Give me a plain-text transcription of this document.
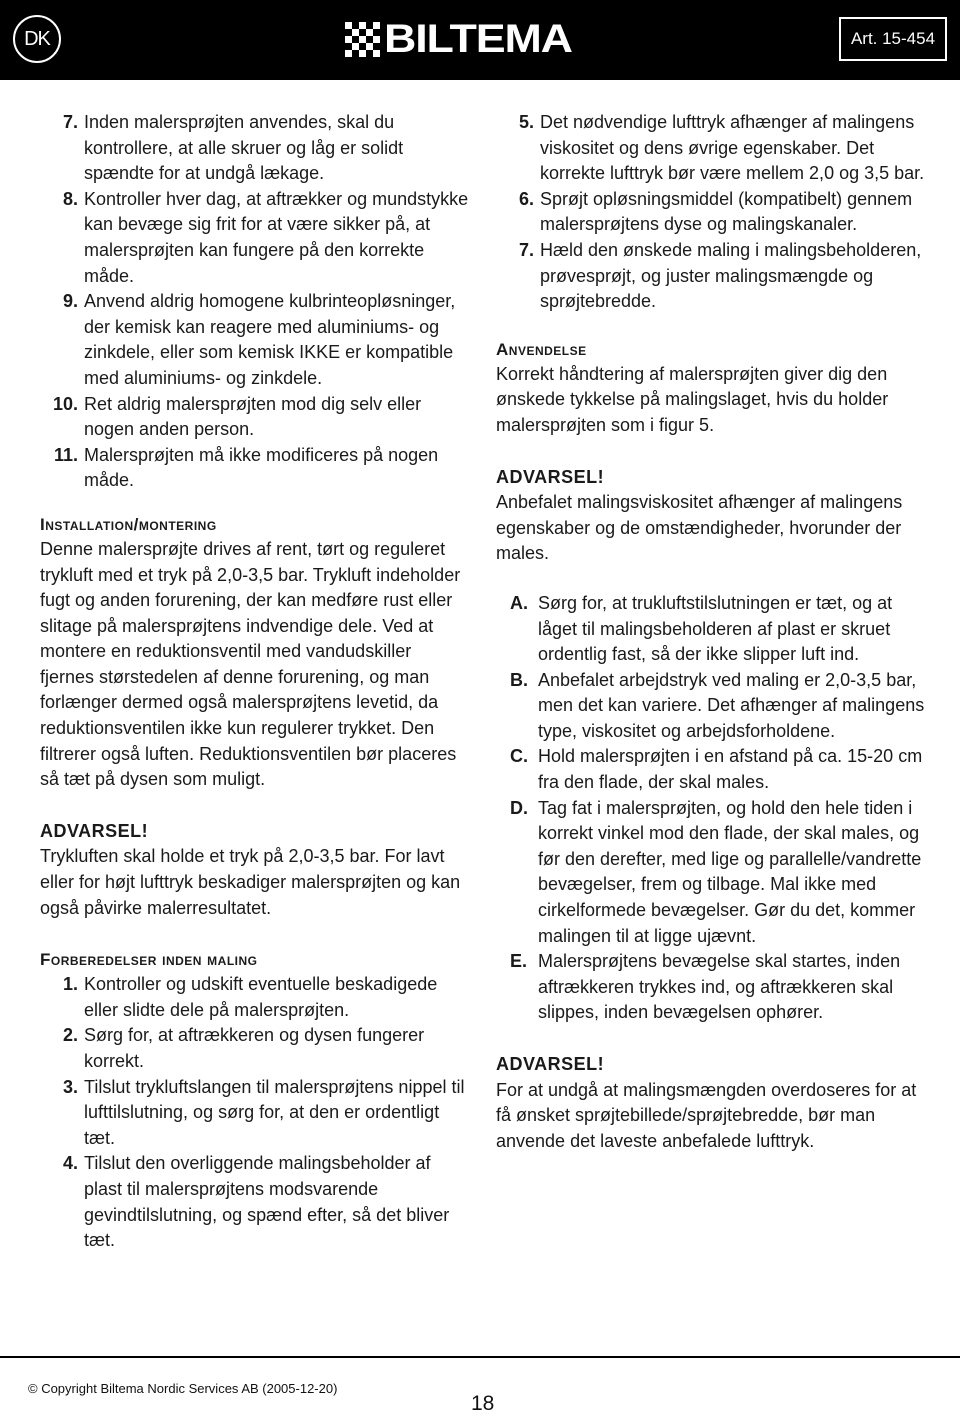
DK	BILTEMA	Art. 15-454
7. Inden malersprøjten anvendes, skal du kontrollere, at alle skruer og låg er solidt spændte for at undgå lækage.
8. Kontroller hver dag, at aftrækker og mundstykke kan bevæge sig frit for at være sikker på, at malersprøjten kan fungere på den korrekte måde.
9. Anvend aldrig homogene kulbrinteopløsninger, der kemisk kan reagere med aluminiums- og zinkdele, eller som kemisk IKKE er kompatible med aluminiums- og zinkdele.
10. Ret aldrig malersprøjten mod dig selv eller nogen anden person.
11. Malersprøjten må ikke modificeres på nogen måde.
Installation/montering

Denne malersprøjte drives af rent, tørt og reguleret trykluft med et tryk på 2,0-3,5 bar. Trykluft indeholder fugt og anden forurening, der kan medføre rust eller slitage på malersprøjtens indvendige dele. Ved at montere en reduktionsventil med vandudskiller fjernes størstedelen af denne forurening, og man forlænger dermed også malersprøjtens levetid, da reduktionsventilen ikke kun regulerer trykket. Den filtrerer også luften. Reduktionsventilen bør placeres så tæt på dysen som muligt.

ADVARSEL!

Trykluften skal holde et tryk på 2,0-3,5 bar. For lavt eller for højt lufttryk beskadiger malersprøjten og kan også påvirke malerresultatet.

Forberedelser inden maling
1. Kontroller og udskift eventuelle beskadigede eller slidte dele på malersprøjten.
2. Sørg for, at aftrækkeren og dysen fungerer korrekt.
3. Tilslut trykluftslangen til malersprøjtens nippel til lufttilslutning, og sørg for, at den er ordentligt tæt.
4. Tilslut den overliggende malingsbeholder af plast til malersprøjtens modsvarende gevindtilslutning, og spænd efter, så det bliver tæt.
5. Det nødvendige lufttryk afhænger af malingens viskositet og dens øvrige egenskaber. Det korrekte lufttryk bør være mellem 2,0 og 3,5 bar.
6. Sprøjt opløsningsmiddel (kompatibelt) gennem malersprøjtens dyse og malingskanaler.
7. Hæld den ønskede maling i malingsbeholderen, prøvesprøjt, og juster malingsmængde og sprøjtebredde.
Anvendelse

Korrekt håndtering af malersprøjten giver dig den ønskede tykkelse på malingslaget, hvis du holder malersprøjten som i figur 5.

ADVARSEL!

Anbefalet malingsviskositet afhænger af malingens egenskaber og de omstændigheder, hvorunder der males.

A. Sørg for, at trukluftstilslutningen er tæt, og at låget til malingsbeholderen af plast er skruet ordentlig fast, så der ikke slipper luft ind.
B. Anbefalet arbejdstryk ved maling er 2,0-3,5 bar, men det kan variere. Det afhænger af malingens type, viskositet og arbejdsforholdene.
C. Hold malersprøjten i en afstand på ca. 15-20 cm fra den flade, der skal males.
D. Tag fat i malersprøjten, og hold den hele tiden i korrekt vinkel mod den flade, der skal males, og før den derefter, med lige og parallelle/vandrette bevægelser, frem og tilbage. Mal ikke med cirkelformede bevægelser. Gør du det, kommer malingen til at ligge ujævnt.
E. Malersprøjtens bevægelse skal startes, inden aftrækkeren trykkes ind, og aftrækkeren skal slippes, inden bevægelsen ophører.
ADVARSEL!

For at undgå at malingsmængden overdoseres for at få ønsket sprøjtebillede/sprøjtebredde, bør man anvende det laveste anbefalede lufttryk.

© Copyright Biltema Nordic Services AB (2005-12-20)
18
